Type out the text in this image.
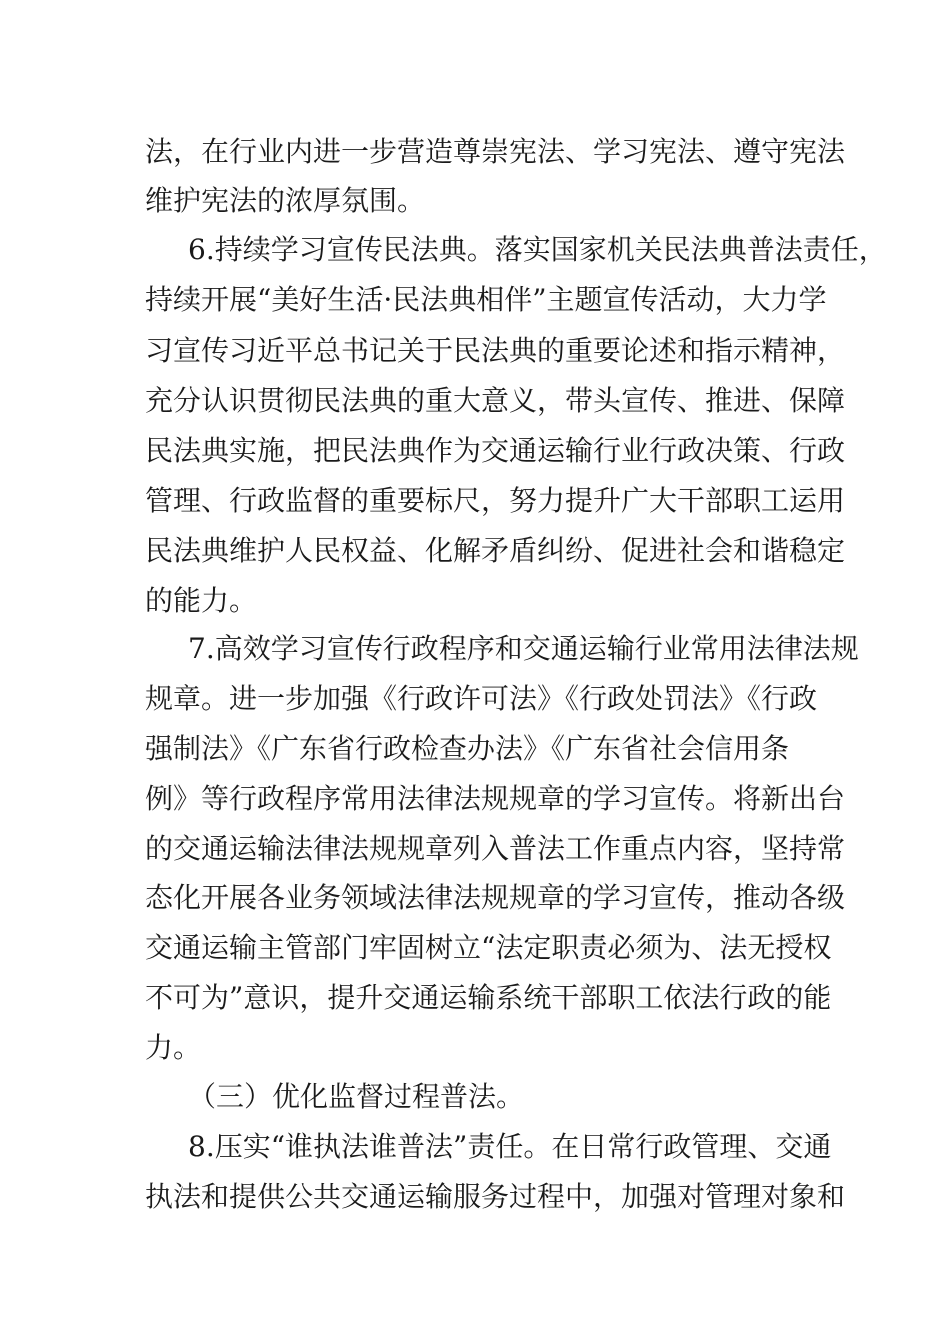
法，在行业内进一步营造尊崇宪法、学习宪法、遵守宪法
维护宪法的浓厚氛围。
6.持续学习宣传民法典。落实国家机关民法典普法责任，
持续开展“美好生活·民法典相伴”主题宣传活动，大力学
习宣传习近平总书记关于民法典的重要论述和指示精神，
充分认识贯彻民法典的重大意义，带头宣传、推进、保障
民法典实施，把民法典作为交通运输行业行政决策、行政
管理、行政监督的重要标尺，努力提升广大干部职工运用
民法典维护人民权益、化解矛盾纠纷、促进社会和谐稳定
的能力。
7.高效学习宣传行政程序和交通运输行业常用法律法规
规章。进一步加强《行政许可法》《行政处罚法》《行政
强制法》《广东省行政检查办法》《广东省社会信用条
例》等行政程序常用法律法规规章的学习宣传。将新出台
的交通运输法律法规规章列入普法工作重点内容，坚持常
态化开展各业务领域法律法规规章的学习宣传，推动各级
交通运输主管部门牢固树立“法定职责必须为、法无授权
不可为”意识，提升交通运输系统干部职工依法行政的能
力。
（三）优化监督过程普法。
8.压实“谁执法谁普法”责任。在日常行政管理、交通
执法和提供公共交通运输服务过程中，加强对管理对象和
